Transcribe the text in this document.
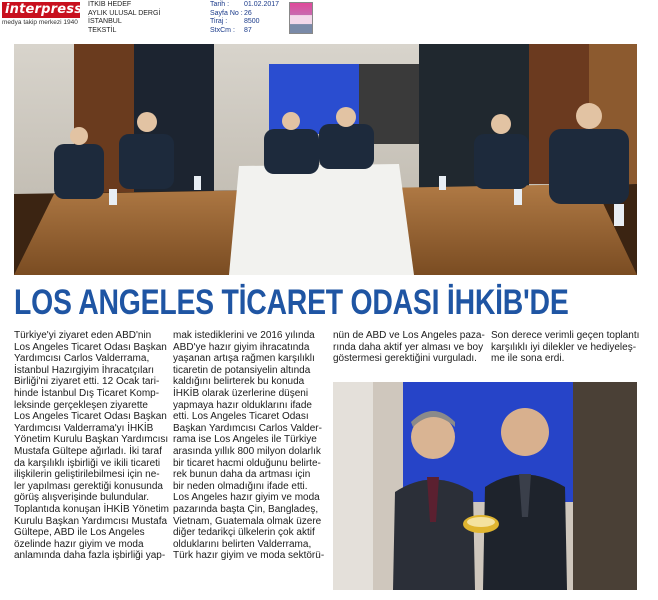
interpress
medya takip merkezi 1940
İTKİB HEDEF
AYLIK ULUSAL DERGİ
İSTANBUL
TEKSTİL
Tarih :
Sayfa No :
Tiraj :
StxCm :
01.02.2017
26
8500
87
LOS ANGELES TİCARET ODASI İHKİB'DE
Türkiye'yi ziyaret eden ABD'nin
Los Angeles Ticaret Odası Başkan
Yardımcısı Carlos Valderrama,
İstanbul Hazırgiyim İhracatçıları
Birliği'ni ziyaret etti. 12 Ocak tari-
hinde İstanbul Dış Ticaret Komp-
leksinde gerçekleşen ziyarette
Los Angeles Ticaret Odası Başkan
Yardımcısı Valderrama'yı İHKİB
Yönetim Kurulu Başkan Yardımcısı
Mustafa Gültepe ağırladı. İki taraf
da karşılıklı işbirliği ve ikili ticareti
ilişkilerin geliştirilebilmesi için ne-
ler yapılması gerektiği konusunda
görüş alışverişinde bulundular.
Toplantıda konuşan İHKİB Yönetim
Kurulu Başkan Yardımcısı Mustafa
Gültepe, ABD ile Los Angeles
özelinde hazır giyim ve moda
anlamında daha fazla işbirliği yap-
mak istediklerini ve 2016 yılında
ABD'ye hazır giyim ihracatında
yaşanan artışa rağmen karşılıklı
ticaretin de potansiyelin altında
kaldığını belirterek bu konuda
İHKİB olarak üzerlerine düşeni
yapmaya hazır olduklarını ifade
etti. Los Angeles Ticaret Odası
Başkan Yardımcısı Carlos Valder-
rama ise Los Angeles ile Türkiye
arasında yıllık 800 milyon dolarlık
bir ticaret hacmi olduğunu belirte-
rek bunun daha da artması için
bir neden olmadığını ifade etti.
Los Angeles hazır giyim ve moda
pazarında başta Çin, Bangladeş,
Vietnam, Guatemala olmak üzere
diğer tedarikçi ülkelerin çok aktif
olduklarını belirten Valderrama,
Türk hazır giyim ve moda sektörü-
nün de ABD ve Los Angeles paza-
rında daha aktif yer alması ve boy
göstermesi gerektiğini vurguladı.
Son derece verimli geçen toplantı
karşılıklı iyi dilekler ve hediyeleş-
me ile sona erdi.
